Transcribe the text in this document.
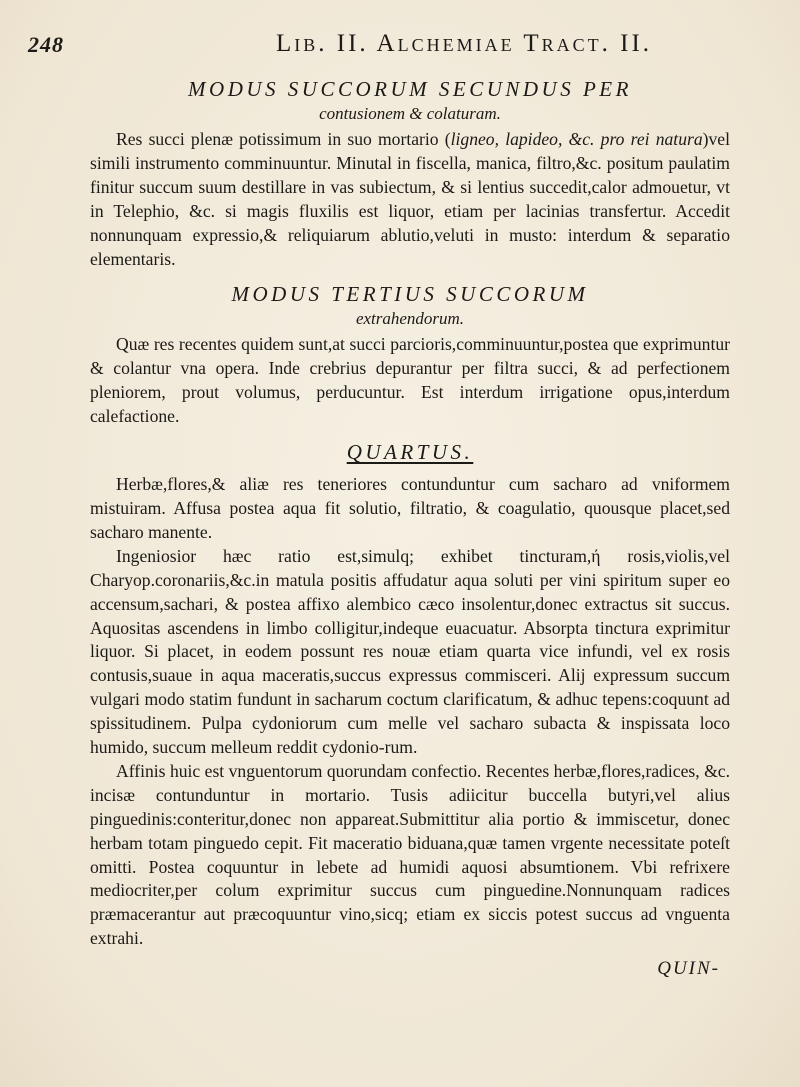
248	Lib. II. Alchemiae Tract. II.
MODUS SUCCORUM SECUNDUS PER
contusionem & colaturam.

Res succi plenæ potissimum in suo mortario (ligneo, lapideo, &c. pro rei natura)vel simili instrumento comminuuntur. Minutal in fiscella, manica, filtro,&c. positum paulatim finitur succum suum destillare in vas subiectum, & si lentius succedit,calor admouetur, vt in Telephio, &c. si magis fluxilis est liquor, etiam per lacinias transfertur. Accedit nonnunquam expressio,& reliquiarum ablutio,veluti in musto: interdum & separatio elementaris.

MODUS TERTIUS SUCCORUM
extrahendorum.

Quæ res recentes quidem sunt,at succi parcioris,comminuuntur,postea que exprimuntur & colantur vna opera. Inde crebrius depurantur per filtra succi, & ad perfectionem pleniorem, prout volumus, perducuntur. Est interdum irrigatione opus,interdum calefactione.

QUARTUS.

Herbæ,flores,& aliæ res teneriores contunduntur cum sacharo ad vniformem mistuiram. Affusa postea aqua fit solutio, filtratio, & coagulatio, quousque placet,sed sacharo manente.

Ingeniosior hæc ratio est,simulq; exhibet tincturam,ή rosis,violis,vel Charyop.coronariis,&c.in matula positis affudatur aqua soluti per vini spiritum super eo accensum,sachari, & postea affixo alembico cæco insolentur,donec extractus sit succus. Aquositas ascendens in limbo colligitur,indeque euacuatur. Absorpta tinctura exprimitur liquor. Si placet, in eodem possunt res nouæ etiam quarta vice infundi, vel ex rosis contusis,suaue in aqua maceratis,succus expressus commisceri. Alij expressum succum vulgari modo statim fundunt in sacharum coctum clarificatum, & adhuc tepens:coquunt ad spissitudinem. Pulpa cydoniorum cum melle vel sacharo subacta & inspissata loco humido, succum melleum reddit cydonio-rum.

Affinis huic est vnguentorum quorundam confectio. Recentes herbæ,flores,radices, &c. incisæ contunduntur in mortario. Tusis adiicitur buccella butyri,vel alius pinguedinis:conteritur,donec non appareat.Submittitur alia portio & immiscetur, donec herbam totam pinguedo cepit. Fit maceratio biduana,quæ tamen vrgente necessitate poteſt omitti. Postea coquuntur in lebete ad humidi aquosi absumtionem. Vbi refrixere mediocriter,per colum exprimitur succus cum pinguedine.Nonnunquam radices præmacerantur aut præcoquuntur vino,sicq; etiam ex siccis potest succus ad vnguenta extrahi.

QUIN-
